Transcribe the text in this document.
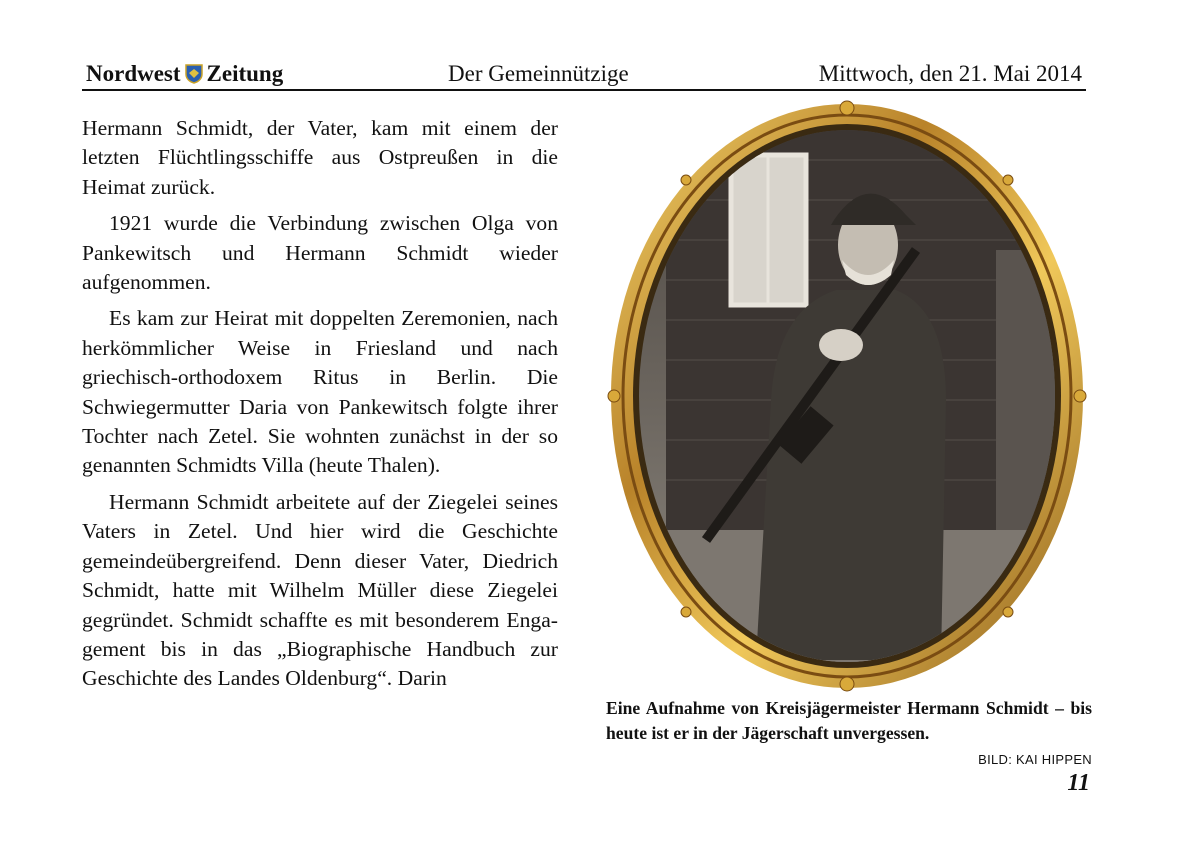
Nordwest Zeitung	Der Gemeinnützige	Mittwoch, den 21. Mai 2014

Hermann Schmidt, der Vater, kam mit einem der letzten Flüchtlingsschiffe aus Ostpreußen in die Heimat zurück.

1921 wurde die Verbindung zwischen Olga von Pankewitsch und Hermann Schmidt wieder aufgenommen.

Es kam zur Heirat mit doppelten Zeremonien, nach herkömmlicher Weise in Friesland und nach griechisch-orthodoxem Ritus in Berlin. Die Schwiegermutter Daria von Pankewitsch folgte ihrer Tochter nach Zetel. Sie wohnten zunächst in der so genannten Schmidts Villa (heute Thalen).

Hermann Schmidt arbeitete auf der Ziegelei seines Vaters in Zetel. Und hier wird die Geschichte gemeindeübergreifend. Denn dieser Vater, Diedrich Schmidt, hatte mit Wilhelm Müller diese Ziegelei gegründet. Schmidt schaffte es mit besonderem Engagement bis in das „Biographische Handbuch zur Geschichte des Landes Oldenburg“. Darin

Eine Aufnahme von Kreisjägermeister Hermann Schmidt – bis heute ist er in der Jägerschaft unvergessen.
BILD: KAI HIPPEN
11
